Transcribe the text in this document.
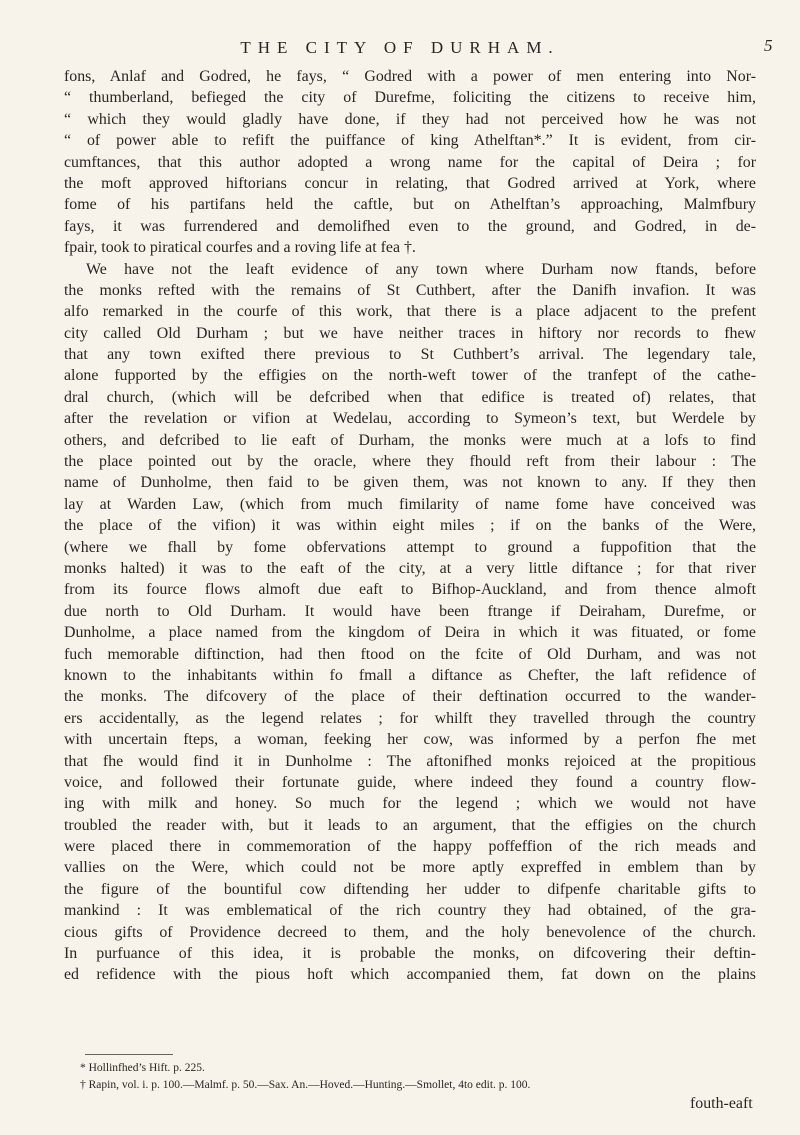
THE CITY OF DURHAM.	5
fons, Anlaf and Godred, he fays, “ Godred with a power of men entering into Nor-
“ thumberland, befieged the city of Durefme, foliciting the citizens to receive him,
“ which they would gladly have done, if they had not perceived how he was not
“ of power able to refift the puiffance of king Athelftan*.” It is evident, from cir-
cumftances, that this author adopted a wrong name for the capital of Deira ; for
the moft approved hiftorians concur in relating, that Godred arrived at York, where
fome of his partifans held the caftle, but on Athelftan’s approaching, Malmfbury
fays, it was furrendered and demolifhed even to the ground, and Godred, in de-
fpair, took to piratical courfes and a roving life at fea †.
We have not the leaft evidence of any town where Durham now ftands, before
the monks refted with the remains of St Cuthbert, after the Danifh invafion. It was
alfo remarked in the courfe of this work, that there is a place adjacent to the prefent
city called Old Durham ; but we have neither traces in hiftory nor records to fhew
that any town exifted there previous to St Cuthbert’s arrival. The legendary tale,
alone fupported by the effigies on the north-weft tower of the tranfept of the cathe-
dral church, (which will be defcribed when that edifice is treated of) relates, that
after the revelation or vifion at Wedelau, according to Symeon’s text, but Werdele by
others, and defcribed to lie eaft of Durham, the monks were much at a lofs to find
the place pointed out by the oracle, where they fhould reft from their labour : The
name of Dunholme, then faid to be given them, was not known to any. If they then
lay at Warden Law, (which from much fimilarity of name fome have conceived was
the place of the vifion) it was within eight miles ; if on the banks of the Were,
(where we fhall by fome obfervations attempt to ground a fuppofition that the
monks halted) it was to the eaft of the city, at a very little diftance ; for that river
from its fource flows almoft due eaft to Bifhop-Auckland, and from thence almoft
due north to Old Durham. It would have been ftrange if Deiraham, Durefme, or
Dunholme, a place named from the kingdom of Deira in which it was fituated, or fome
fuch memorable diftinction, had then ftood on the fcite of Old Durham, and was not
known to the inhabitants within fo fmall a diftance as Chefter, the laft refidence of
the monks. The difcovery of the place of their deftination occurred to the wander-
ers accidentally, as the legend relates ; for whilft they travelled through the country
with uncertain fteps, a woman, feeking her cow, was informed by a perfon fhe met
that fhe would find it in Dunholme : The aftonifhed monks rejoiced at the propitious
voice, and followed their fortunate guide, where indeed they found a country flow-
ing with milk and honey. So much for the legend ; which we would not have
troubled the reader with, but it leads to an argument, that the effigies on the church
were placed there in commemoration of the happy poffeffion of the rich meads and
vallies on the Were, which could not be more aptly expreffed in emblem than by
the figure of the bountiful cow diftending her udder to difpenfe charitable gifts to
mankind : It was emblematical of the rich country they had obtained, of the gra-
cious gifts of Providence decreed to them, and the holy benevolence of the church.
In purfuance of this idea, it is probable the monks, on difcovering their deftin-
ed refidence with the pious hoft which accompanied them, fat down on the plains
* Hollinfhed’s Hift. p. 225.
† Rapin, vol. i. p. 100.—Malmf. p. 50.—Sax. An.—Hoved.—Hunting.—Smollet, 4to edit. p. 100.
fouth-eaft
